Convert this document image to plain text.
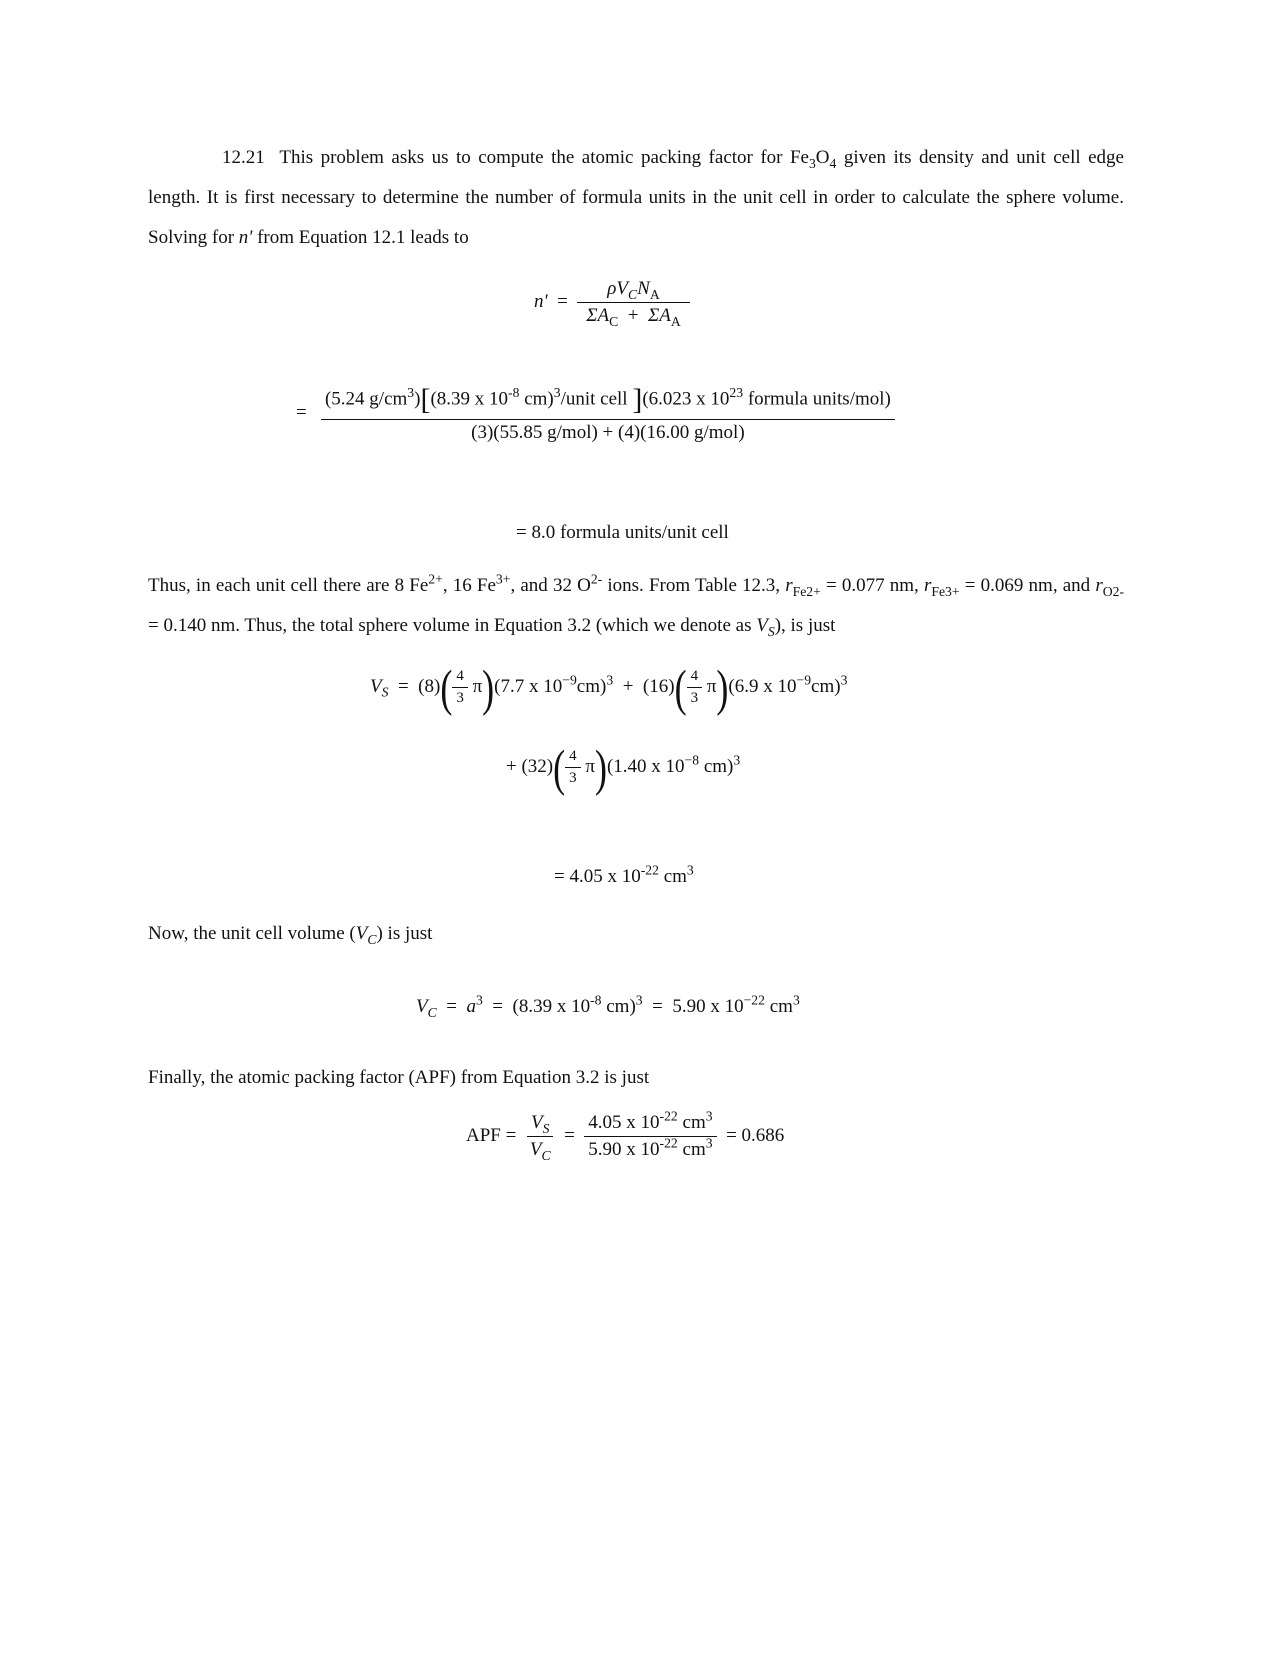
12.21 This problem asks us to compute the atomic packing factor for $Fe_3O_4$ given its density and unit cell edge length. It is first necessary to determine the number of formula units in the unit cell in order to calculate the sphere volume. Solving for n' from Equation 12.1 leads to
$n' = \frac{\rho V_CN_A}{\Sigma A_C + \Sigma A_A}$
=
(5.24 $g/cm^3)[(8.39$ x $10^{-8}$ cm)$^3$/unit cell ](6.023 x $10^{23}$ formula units/mol)
(3)(55.85 g/mol) + (4)(16.00 g/mol)
= 8.0 formula units/unit cell
Thus, in each unit cell there are 8 $Fe^{2+}$, 16 $Fe^{3+}$, and 32 $O^{2-}$ ions. From Table 12.3, $r_{Fe2+} = 0.077$ nm, $r_{Fe3+} = 0.069$ nm, and $r_{O2-} = 0.140$ nm. Thus, the total sphere volume in Equation 3.2 (which we denote as $V_S$), is just
$V_S = (8)( \frac{4}{3} \pi)(7.7$ x $10^{-9}cm)^3 + (16)( \frac{4}{3} \pi)(6.9$ x $10^{-9}cm)^3$
+ $(32)( \frac{4}{3} \pi)(1.40$ x $10^{-8}$ cm)$^3$
= 4.05 x $10^{-22}$ $cm^3$
Now, the unit cell volume $(V_C)$ is just
$V_C = a^3 = (8.39$ x $10^{-8}$ cm)$^3$ = 5.90 x $10^{-22}$ $cm^3$
Finally, the atomic packing factor (APF) from Equation 3.2 is just
APF = $\frac{V_S}{V_C} = \frac{4.05 x 10^{-22} cm^3}{5.90 x 10^{-22} cm^3} = 0.686$
